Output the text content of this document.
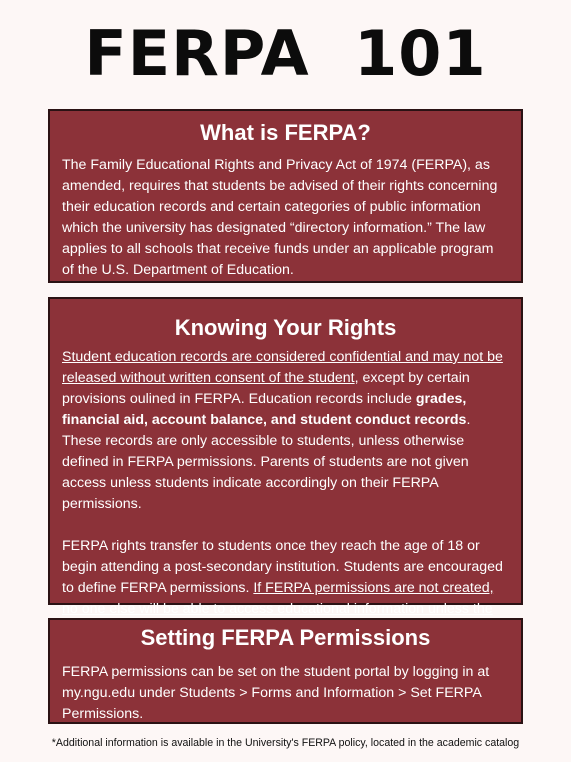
FERPA 101
What is FERPA?

The Family Educational Rights and Privacy Act of 1974 (FERPA), as amended, requires that students be advised of their rights concerning their education records and certain categories of public information which the university has designated “directory information.” The law applies to all schools that receive funds under an applicable program of the U.S. Department of Education.

Knowing Your Rights

Student education records are considered confidential and may not be released without written consent of the student, except by certain provisions oulined in FERPA. Education records include grades, financial aid, account balance, and student conduct records. These records are only accessible to students, unless otherwise defined in FERPA permissions. Parents of students are not given access unless students indicate accordingly on their FERPA permissions.

FERPA rights transfer to students once they reach the age of 18 or begin attending a post-secondary institution. Students are encouraged to define FERPA permissions. If FERPA permissions are not created, no one else will be able to access educational information unless the

Setting FERPA Permissions

FERPA permissions can be set on the student portal by logging in at my.ngu.edu under Students > Forms and Information > Set FERPA Permissions.

*Additional information is available in the University's FERPA policy, located in the academic catalog
